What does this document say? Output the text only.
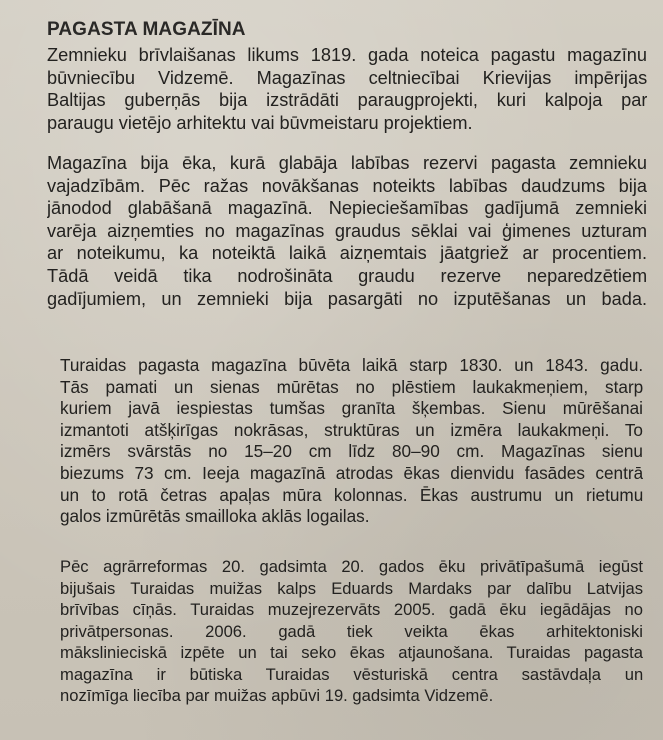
PAGASTA MAGAZĪNA

Zemnieku brīvlaišanas likums 1819. gada noteica pagastu magazīnu
būvniecību Vidzemē. Magazīnas celtniecībai Krievijas impērijas
Baltijas guberņās bija izstrādāti paraugprojekti, kuri kalpoja par
paraugu vietējo arhitektu vai būvmeistaru projektiem.

Magazīna bija ēka, kurā glabāja labības rezervi pagasta zemnieku
vajadzībām. Pēc ražas novākšanas noteikts labības daudzums bija
jānodod glabāšanā magazīnā. Nepieciešamības gadījumā zemnieki
varēja aizņemties no magazīnas graudus sēklai vai ģimenes uzturam
ar noteikumu, ka noteiktā laikā aizņemtais jāatgriež ar procentiem.
Tādā veidā tika nodrošināta graudu rezerve neparedzētiem
gadījumiem, un zemnieki bija pasargāti no izputēšanas un bada.

Turaidas pagasta magazīna būvēta laikā starp 1830. un 1843. gadu.
Tās pamati un sienas mūrētas no plēstiem laukakmeņiem, starp
kuriem javā iespiestas tumšas granīta šķembas. Sienu mūrēšanai
izmantoti atšķirīgas nokrāsas, struktūras un izmēra laukakmeņi. To
izmērs svārstās no 15–20 cm līdz 80–90 cm. Magazīnas sienu
biezums 73 cm. Ieeja magazīnā atrodas ēkas dienvidu fasādes centrā
un to rotā četras apaļas mūra kolonnas. Ēkas austrumu un rietumu
galos izmūrētās smailloka aklās logailas.

Pēc agrārreformas 20. gadsimta 20. gados ēku privātīpašumā iegūst
bijušais Turaidas muižas kalps Eduards Mardaks par dalību Latvijas
brīvības cīņās. Turaidas muzejrezervāts 2005. gadā ēku iegādājas no
privātpersonas. 2006. gadā tiek veikta ēkas arhitektoniski
mākslinieciskā izpēte un tai seko ēkas atjaunošana. Turaidas pagasta
magazīna ir būtiska Turaidas vēsturiskā centra sastāvdaļa un
nozīmīga liecība par muižas apbūvi 19. gadsimta Vidzemē.
